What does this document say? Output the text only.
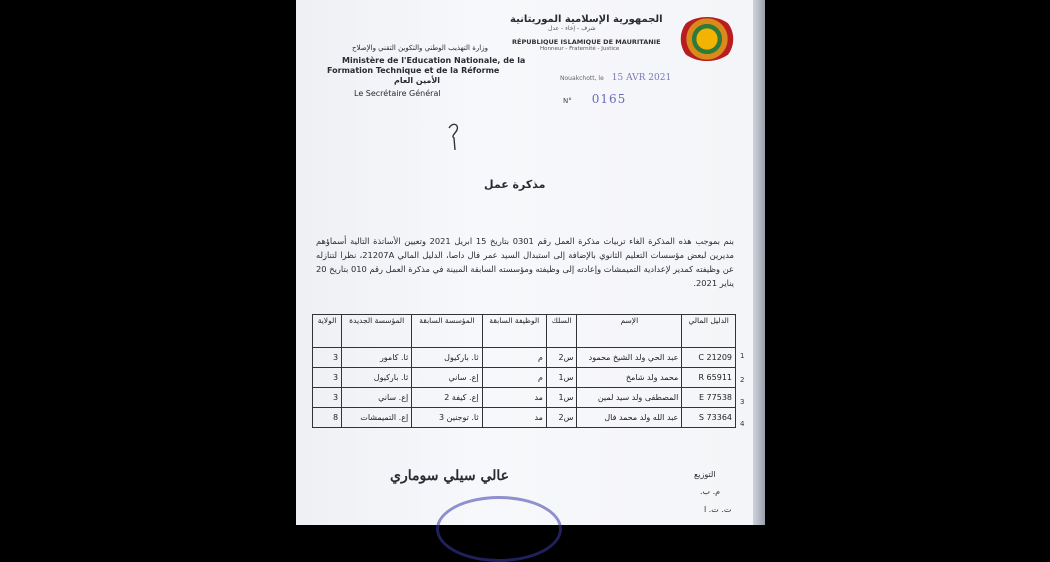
الجمهورية الإسلامية الموريتانية
شرف - إخاء - عدل
RÉPUBLIQUE ISLAMIQUE DE MAURITANIE
Honneur - Fraternité - Justice
وزارة التهذيب الوطني والتكوين التقني والإصلاح
Ministère de l'Education Nationale, de la
Formation Technique et de la Réforme
الأمين العام
Le Secrétaire Général
Nouakchott, le 15 AVR 2021
N° 0165
مذكرة عمل
بنم بموجب هذه المذكرة الغاء تربيات مذكرة العمل رقم 0301 بتاريخ 15 ابريل 2021 وتعيين الأساتذة التالية أسماؤهم مديرين لبعض مؤسسات التعليم الثانوي بالإضافة إلى استبدال السيد عمر فال داصا، الدليل المالي 21207A، نظرا لتنازله عن وظيفته كمدير لإعدادية التميمشات وإعادته إلى وظيفته ومؤسسته السابقة المبينة في مذكرة العمل رقم 010 بتاريخ 20 يناير 2021.
الدليل المالي	الإسم	السلك	الوظيفة السابقة	المؤسسة السابقة	المؤسسة الجديدة	الولاية
21209 C	عبد الحي ولد الشيخ محمود	س2	م	ثا. باركيول	ثا. كامور	3
65911 R	محمد ولد شامخ	س1	م	إع. ساني	ثا. باركيول	3
77538 E	المصطفى ولد سيد لمين	س1	مد	إع. كيفة 2	إع. ساني	3
73364 S	عبد الله ولد محمد فال	س2	مد	ثا. توجنين 3	إع. التميمشات	8
1
2
3
4
عالي سيلي سوماري	التوزيع
م. ب.
ت. ت. ا
